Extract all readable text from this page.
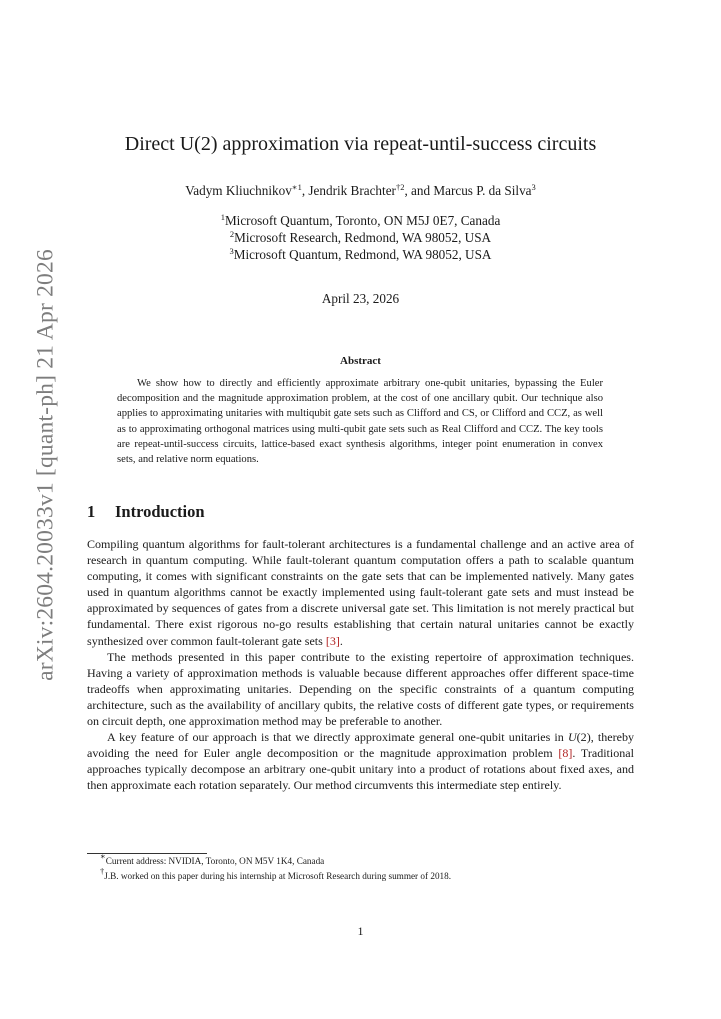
arXiv:2604.20033v1 [quant-ph] 21 Apr 2026
Direct U(2) approximation via repeat-until-success circuits
Vadym Kliuchnikov$^{∗1}$, Jendrik Brachter$^{\dagger 2}$, and Marcus P. da Silva$^3$
$^1$Microsoft Quantum, Toronto, ON M5J 0E7, Canada
$^2$Microsoft Research, Redmond, WA 98052, USA
$^3$Microsoft Quantum, Redmond, WA 98052, USA
April 23, 2026
Abstract

We show how to directly and efficiently approximate arbitrary one-qubit unitaries, bypassing the Euler decomposition and the magnitude approximation problem, at the cost of one ancillary qubit. Our technique also applies to approximating unitaries with multiqubit gate sets such as Clifford and CS, or Clifford and CCZ, as well as to approximating orthogonal matrices using multi-qubit gate sets such as Real Clifford and CCZ. The key tools are repeat-until-success circuits, lattice-based exact synthesis algorithms, integer point enumeration in convex sets, and relative norm equations.

1 Introduction

Compiling quantum algorithms for fault-tolerant architectures is a fundamental challenge and an active area of research in quantum computing. While fault-tolerant quantum computation offers a path to scalable quantum computing, it comes with significant constraints on the gate sets that can be implemented natively. Many gates used in quantum algorithms cannot be exactly implemented using fault-tolerant gate sets and must instead be approximated by sequences of gates from a discrete universal gate set. This limitation is not merely practical but fundamental. There exist rigorous no-go results establishing that certain natural unitaries cannot be exactly synthesized over common fault-tolerant gate sets [3].

The methods presented in this paper contribute to the existing repertoire of approximation techniques. Having a variety of approximation methods is valuable because different approaches offer different space-time tradeoffs when approximating unitaries. Depending on the specific constraints of a quantum computing architecture, such as the availability of ancillary qubits, the relative costs of different gate types, or requirements on circuit depth, one approximation method may be preferable to another.

A key feature of our approach is that we directly approximate general one-qubit unitaries in U(2), thereby avoiding the need for Euler angle decomposition or the magnitude approximation problem [8]. Traditional approaches typically decompose an arbitrary one-qubit unitary into a product of rotations about fixed axes, and then approximate each rotation separately. Our method circumvents this intermediate step entirely.

∗Current address: NVIDIA, Toronto, ON M5V 1K4, Canada
†J.B. worked on this paper during his internship at Microsoft Research during summer of 2018.
1
